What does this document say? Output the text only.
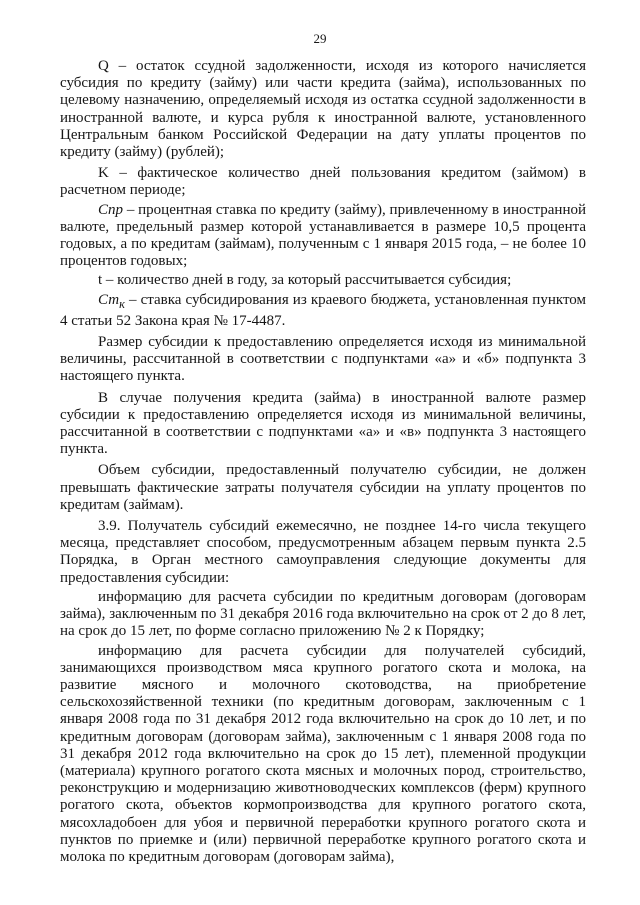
29

Q – остаток ссудной задолженности, исходя из которого начисляется субсидия по кредиту (займу) или части кредита (займа), использованных по целевому назначению, определяемый исходя из остатка ссудной задолженности в иностранной валюте, и курса рубля к иностранной валюте, установленного Центральным банком Российской Федерации на дату уплаты процентов по кредиту (займу) (рублей);

K – фактическое количество дней пользования кредитом (займом) в расчетном периоде;

Спр – процентная ставка по кредиту (займу), привлеченному в иностранной валюте, предельный размер которой устанавливается в размере 10,5 процента годовых, а по кредитам (займам), полученным с 1 января 2015 года, – не более 10 процентов годовых;

t – количество дней в году, за который рассчитывается субсидия;

$Ст_к$ – ставка субсидирования из краевого бюджета, установленная пунктом 4 статьи 52 Закона края № 17-4487.

Размер субсидии к предоставлению определяется исходя из минимальной величины, рассчитанной в соответствии с подпунктами «а» и «б» подпункта 3 настоящего пункта.

В случае получения кредита (займа) в иностранной валюте размер субсидии к предоставлению определяется исходя из минимальной величины, рассчитанной в соответствии с подпунктами «а» и «в» подпункта 3 настоящего пункта.

Объем субсидии, предоставленный получателю субсидии, не должен превышать фактические затраты получателя субсидии на уплату процентов по кредитам (займам).

3.9. Получатель субсидий ежемесячно, не позднее 14-го числа текущего месяца, представляет способом, предусмотренным абзацем первым пункта 2.5 Порядка, в Орган местного самоуправления следующие документы для предоставления субсидии:

информацию для расчета субсидии по кредитным договорам (договорам займа), заключенным по 31 декабря 2016 года включительно на срок от 2 до 8 лет, на срок до 15 лет, по форме согласно приложению № 2 к Порядку;

информацию для расчета субсидии для получателей субсидий, занимающихся производством мяса крупного рогатого скота и молока, на развитие мясного и молочного скотоводства, на приобретение сельскохозяйственной техники (по кредитным договорам, заключенным с 1 января 2008 года по 31 декабря 2012 года включительно на срок до 10 лет, и по кредитным договорам (договорам займа), заключенным с 1 января 2008 года по 31 декабря 2012 года включительно на срок до 15 лет), племенной продукции (материала) крупного рогатого скота мясных и молочных пород, строительство, реконструкцию и модернизацию животноводческих комплексов (ферм) крупного рогатого скота, объектов кормопроизводства для крупного рогатого скота, мясохладобоен для убоя и первичной переработки крупного рогатого скота и пунктов по приемке и (или) первичной переработке крупного рогатого скота и молока по кредитным договорам (договорам займа),
